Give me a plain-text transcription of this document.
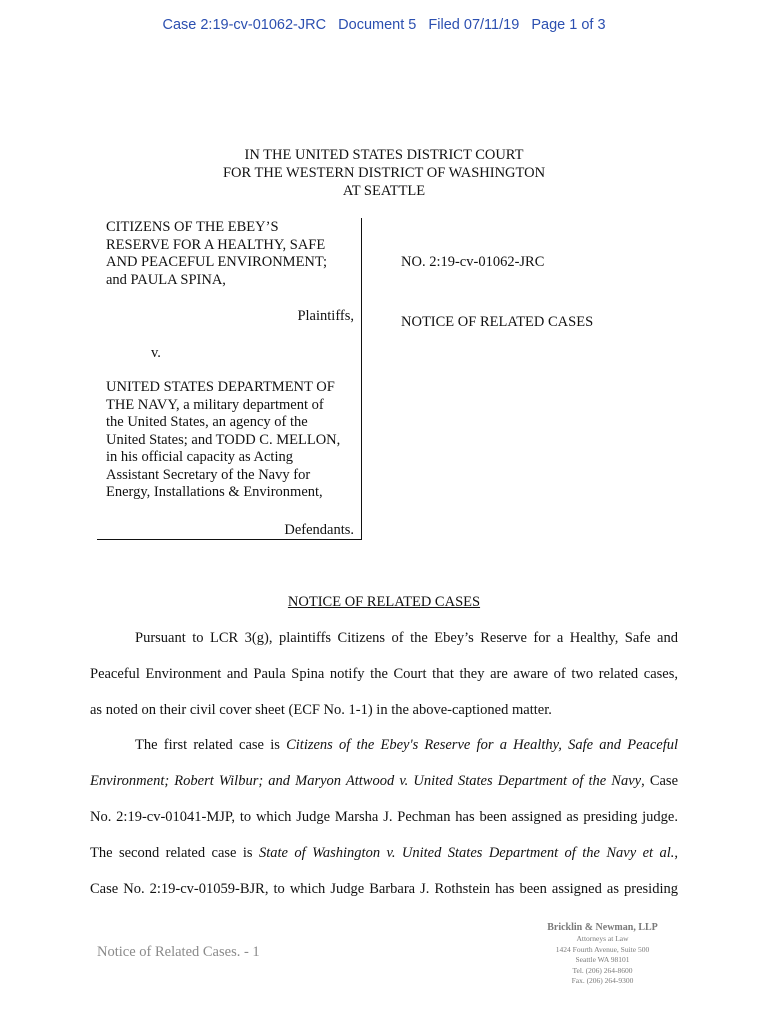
Case 2:19-cv-01062-JRC   Document 5   Filed 07/11/19   Page 1 of 3
IN THE UNITED STATES DISTRICT COURT
FOR THE WESTERN DISTRICT OF WASHINGTON
AT SEATTLE
CITIZENS OF THE EBEY’S
RESERVE FOR A HEALTHY, SAFE
AND PEACEFUL ENVIRONMENT;
and PAULA SPINA,
Plaintiffs,
v.
UNITED STATES DEPARTMENT OF
THE NAVY, a military department of
the United States, an agency of the
United States; and TODD C. MELLON,
in his official capacity as Acting
Assistant Secretary of the Navy for
Energy, Installations & Environment,
Defendants.
NO. 2:19-cv-01062-JRC
NOTICE OF RELATED CASES
NOTICE OF RELATED CASES
Pursuant to LCR 3(g), plaintiffs Citizens of the Ebey’s Reserve for a Healthy, Safe and
Peaceful Environment and Paula Spina notify the Court that they are aware of two related cases,
as noted on their civil cover sheet (ECF No. 1-1) in the above-captioned matter.
The first related case is Citizens of the Ebey's Reserve for a Healthy, Safe and Peaceful
Environment; Robert Wilbur; and Maryon Attwood v. United States Department of the Navy, Case
No. 2:19-cv-01041-MJP, to which Judge Marsha J. Pechman has been assigned as presiding judge.
The second related case is State of Washington v. United States Department of the Navy et al.,
Case No. 2:19-cv-01059-BJR, to which Judge Barbara J. Rothstein has been assigned as presiding
Notice of Related Cases. - 1
Bricklin & Newman, LLP
Attorneys at Law
1424 Fourth Avenue, Suite 500
Seattle WA 98101
Tel. (206) 264-8600
Fax. (206) 264-9300
